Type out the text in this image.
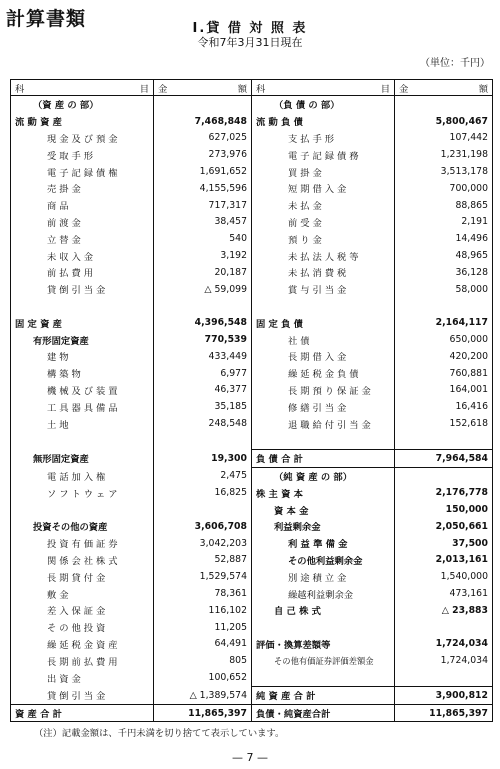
計算書類	I.貸 借 対 照 表
令和7年3月31日現在
（単位：千円）
科 目	金 額	科 目	金 額

（資 産 の 部）		（負 債 の 部）	
流 動 資 産	7,468,848	流 動 負 債	5,800,467
現 金 及 び 預 金	627,025	支 払 手 形	107,442
受 取 手 形	273,976	電 子 記 録 債 務	1,231,198
電 子 記 録 債 権	1,691,652	買 掛 金	3,513,178
売 掛 金	4,155,596	短 期 借 入 金	700,000
商 品	717,317	未 払 金	88,865
前 渡 金	38,457	前 受 金	2,191
立 替 金	540	預 り 金	14,496
未 収 入 金	3,192	未 払 法 人 税 等	48,965
前 払 費 用	20,187	未 払 消 費 税	36,128
貸 倒 引 当 金	△ 59,099	賞 与 引 当 金	58,000

固 定 資 産	4,396,548	固 定 負 債	2,164,117
有形固定資産	770,539	社 債	650,000
建 物	433,449	長 期 借 入 金	420,200
構 築 物	6,977	繰 延 税 金 負 債	760,881
機 械 及 び 装 置	46,377	長 期 預 り 保 証 金	164,001
工 具 器 具 備 品	35,185	修 繕 引 当 金	16,416
土 地	248,548	退 職 給 付 引 当 金	152,618

無形固定資産	19,300	負 債 合 計	7,964,584
電 話 加 入 権	2,475	（純 資 産 の 部）	
ソ フ ト ウ ェ ア	16,825	株 主 資 本	2,176,778
		資 本 金	150,000
投資その他の資産	3,606,708	利益剰余金	2,050,661
投 資 有 価 証 券	3,042,203	利 益 準 備 金	37,500
関 係 会 社 株 式	52,887	その他利益剰余金	2,013,161
長 期 貸 付 金	1,529,574	別 途 積 立 金	1,540,000
敷 金	78,361	繰越利益剰余金	473,161
差 入 保 証 金	116,102	自 己 株 式	△ 23,883
そ の 他 投 資	11,205		
繰 延 税 金 資 産	64,491	評価・換算差額等	1,724,034
長 期 前 払 費 用	805	その他有価証券評価差額金	1,724,034
出 資 金	100,652		
貸 倒 引 当 金	△ 1,389,574	純 資 産 合 計	3,900,812
資 産 合 計	11,865,397	負債・純資産合計	11,865,397
（注）記載金額は、千円未満を切り捨てて表示しています。
— 7 —
